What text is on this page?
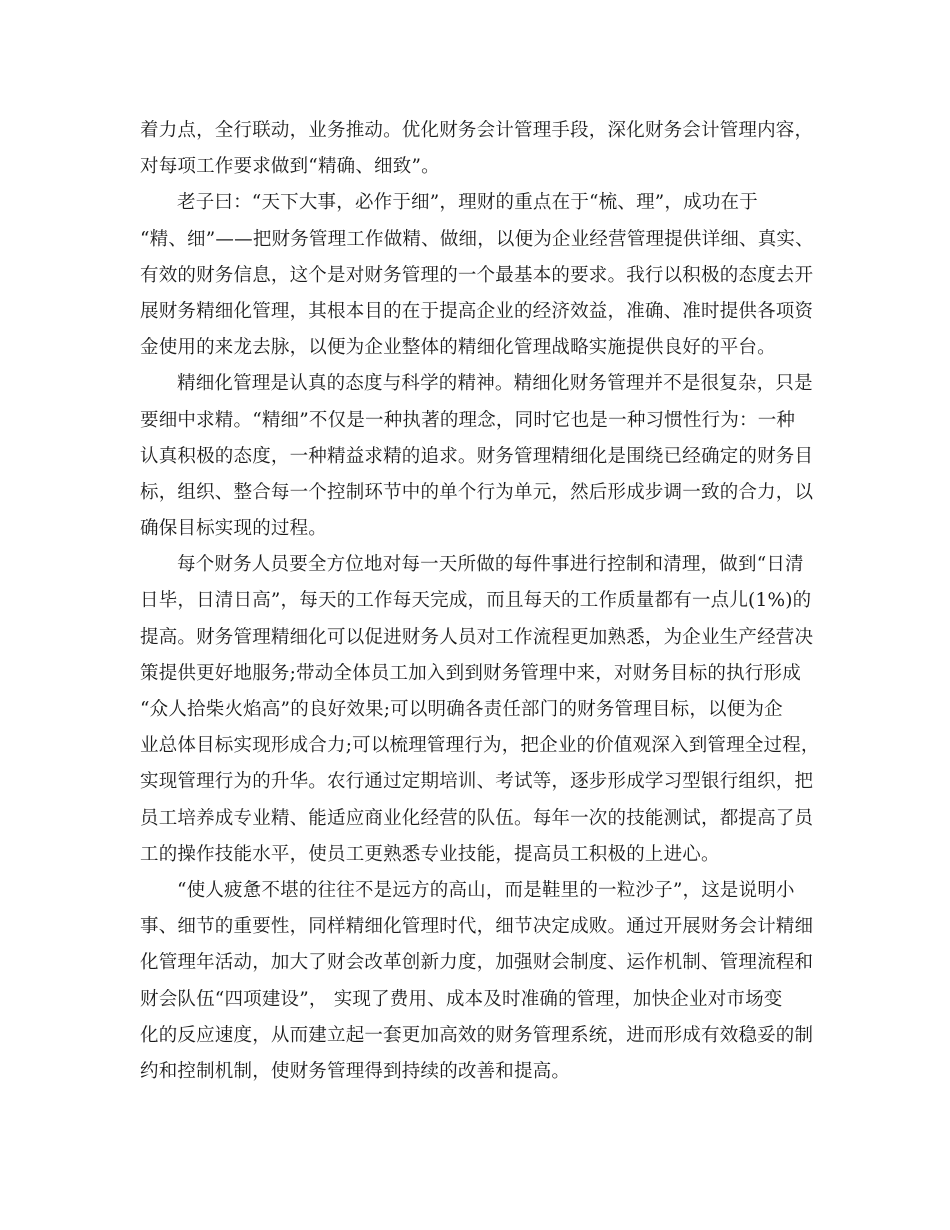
着力点，全行联动，业务推动。优化财务会计管理手段，深化财务会计管理内容，
对每项工作要求做到“精确、细致”。
老子曰：“天下大事，必作于细”，理财的重点在于“梳、理”，成功在于
“精、细”——把财务管理工作做精、做细，以便为企业经营管理提供详细、真实、
有效的财务信息，这个是对财务管理的一个最基本的要求。我行以积极的态度去开
展财务精细化管理，其根本目的在于提高企业的经济效益，准确、准时提供各项资
金使用的来龙去脉，以便为企业整体的精细化管理战略实施提供良好的平台。
精细化管理是认真的态度与科学的精神。精细化财务管理并不是很复杂，只是
要细中求精。“精细”不仅是一种执著的理念，同时它也是一种习惯性行为：一种
认真积极的态度，一种精益求精的追求。财务管理精细化是围绕已经确定的财务目
标，组织、整合每一个控制环节中的单个行为单元，然后形成步调一致的合力，以
确保目标实现的过程。
每个财务人员要全方位地对每一天所做的每件事进行控制和清理，做到“日清
日毕，日清日高”，每天的工作每天完成，而且每天的工作质量都有一点儿(1%)的
提高。财务管理精细化可以促进财务人员对工作流程更加熟悉，为企业生产经营决
策提供更好地服务;带动全体员工加入到到财务管理中来，对财务目标的执行形成
“众人拾柴火焰高”的良好效果;可以明确各责任部门的财务管理目标，以便为企
业总体目标实现形成合力;可以梳理管理行为，把企业的价值观深入到管理全过程，
实现管理行为的升华。农行通过定期培训、考试等，逐步形成学习型银行组织，把
员工培养成专业精、能适应商业化经营的队伍。每年一次的技能测试，都提高了员
工的操作技能水平，使员工更熟悉专业技能，提高员工积极的上进心。
“使人疲惫不堪的往往不是远方的高山，而是鞋里的一粒沙子”，这是说明小
事、细节的重要性，同样精细化管理时代，细节决定成败。通过开展财务会计精细
化管理年活动，加大了财会改革创新力度，加强财会制度、运作机制、管理流程和
财会队伍“四项建设”， 实现了费用、成本及时准确的管理，加快企业对市场变
化的反应速度，从而建立起一套更加高效的财务管理系统，进而形成有效稳妥的制
约和控制机制，使财务管理得到持续的改善和提高。
